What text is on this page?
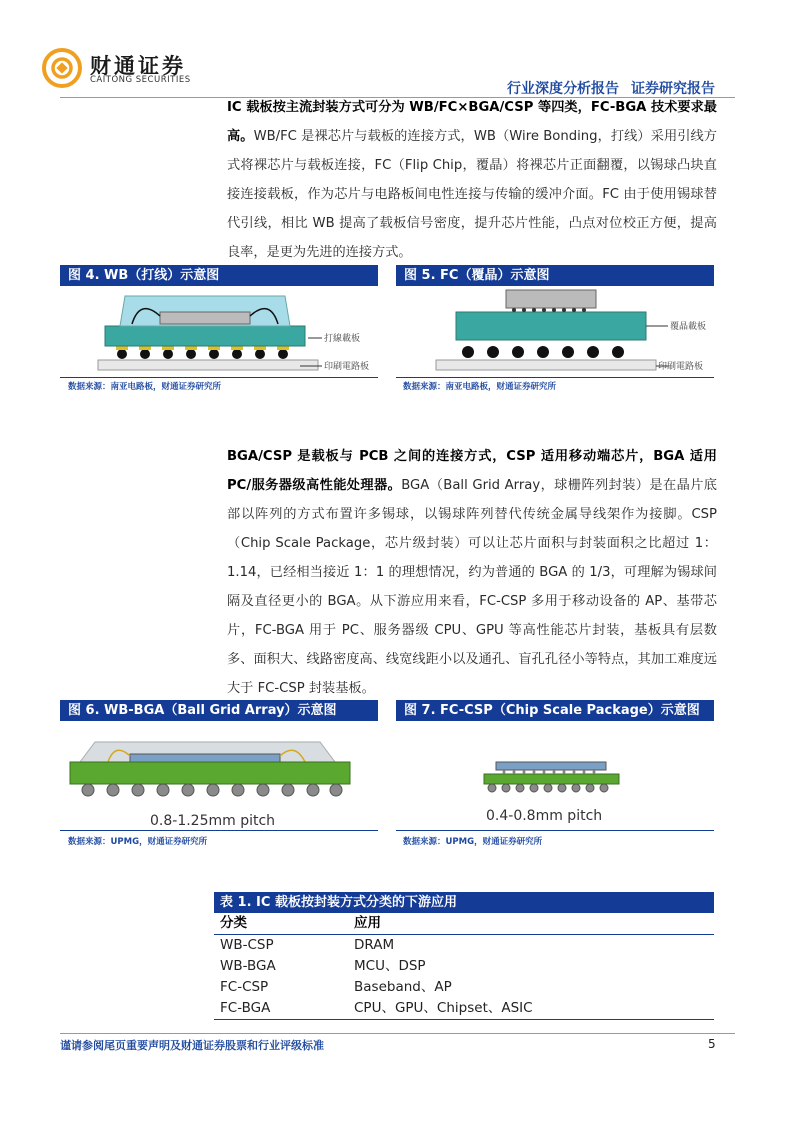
财通证券
CAITONG SECURITIES
行业深度分析报告 证券研究报告
IC 载板按主流封装方式可分为 WB/FC×BGA/CSP 等四类，FC-BGA 技术要求最高。WB/FC 是裸芯片与载板的连接方式，WB（Wire Bonding，打线）采用引线方式将裸芯片与载板连接，FC（Flip Chip，覆晶）将裸芯片正面翻覆，以锡球凸块直接连接载板，作为芯片与电路板间电性连接与传输的缓冲介面。FC 由于使用锡球替代引线，相比 WB 提高了载板信号密度，提升芯片性能，凸点对位校正方便，提高良率，是更为先进的连接方式。
图 4. WB（打线）示意图
打線載板
印刷電路板
数据来源：南亚电路板，财通证券研究所
图 5. FC（覆晶）示意图
覆晶載板
印刷電路板
数据来源：南亚电路板，财通证券研究所
BGA/CSP 是载板与 PCB 之间的连接方式，CSP 适用移动端芯片，BGA 适用 PC/服务器级高性能处理器。BGA（Ball Grid Array，球栅阵列封装）是在晶片底部以阵列的方式布置许多锡球，以锡球阵列替代传统金属导线架作为接脚。CSP（Chip Scale Package，芯片级封装）可以让芯片面积与封装面积之比超过 1：1.14，已经相当接近 1：1 的理想情况，约为普通的 BGA 的 1/3，可理解为锡球间隔及直径更小的 BGA。从下游应用来看，FC-CSP 多用于移动设备的 AP、基带芯片，FC-BGA 用于 PC、服务器级 CPU、GPU 等高性能芯片封装，基板具有层数多、面积大、线路密度高、线宽线距小以及通孔、盲孔孔径小等特点，其加工难度远大于 FC-CSP 封装基板。
图 6. WB-BGA（Ball Grid Array）示意图
0.8-1.25mm pitch
数据来源：UPMG，财通证券研究所
图 7. FC-CSP（Chip Scale Package）示意图
0.4-0.8mm pitch
数据来源：UPMG，财通证券研究所
表 1. IC 载板按封装方式分类的下游应用
分类	应用
WB-CSP	DRAM
WB-BGA	MCU、DSP
FC-CSP	Baseband、AP
FC-BGA	CPU、GPU、Chipset、ASIC
谨请参阅尾页重要声明及财通证券股票和行业评级标准	5
